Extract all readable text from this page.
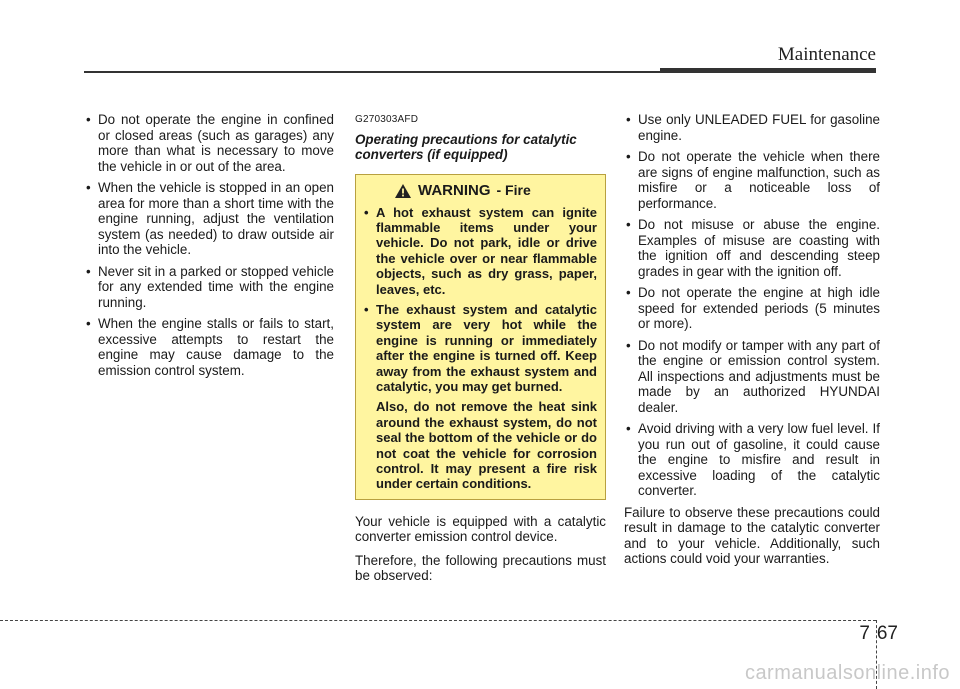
Maintenance
• Do not operate the engine in confined or closed areas (such as garages) any more than what is necessary to move the vehicle in or out of the area.
• When the vehicle is stopped in an open area for more than a short time with the engine running, adjust the ventilation system (as needed) to draw outside air into the vehicle.
• Never sit in a parked or stopped vehicle for any extended time with the engine running.
• When the engine stalls or fails to start, excessive attempts to restart the engine may cause damage to the emission control system.
G270303AFD
Operating precautions for catalytic converters (if equipped)
WARNING - Fire
• A hot exhaust system can ignite flammable items under your vehicle. Do not park, idle or drive the vehicle over or near flammable objects, such as dry grass, paper, leaves, etc.
• The exhaust system and catalytic system are very hot while the engine is running or immediately after the engine is turned off. Keep away from the exhaust system and catalytic, you may get burned.
Also, do not remove the heat sink around the exhaust system, do not seal the bottom of the vehicle or do not coat the vehicle for corrosion control. It may present a fire risk under certain conditions.

Your vehicle is equipped with a catalytic converter emission control device.

Therefore, the following precautions must be observed:

• Use only UNLEADED FUEL for gasoline engine.
• Do not operate the vehicle when there are signs of engine malfunction, such as misfire or a noticeable loss of performance.
• Do not misuse or abuse the engine. Examples of misuse are coasting with the ignition off and descending steep grades in gear with the ignition off.
• Do not operate the engine at high idle speed for extended periods (5 minutes or more).
• Do not modify or tamper with any part of the engine or emission control system. All inspections and adjustments must be made by an authorized HYUNDAI dealer.
• Avoid driving with a very low fuel level. If you run out of gasoline, it could cause the engine to misfire and result in excessive loading of the catalytic converter.

Failure to observe these precautions could result in damage to the catalytic converter and to your vehicle. Additionally, such actions could void your warranties.

7 67
carmanualsonline.info
